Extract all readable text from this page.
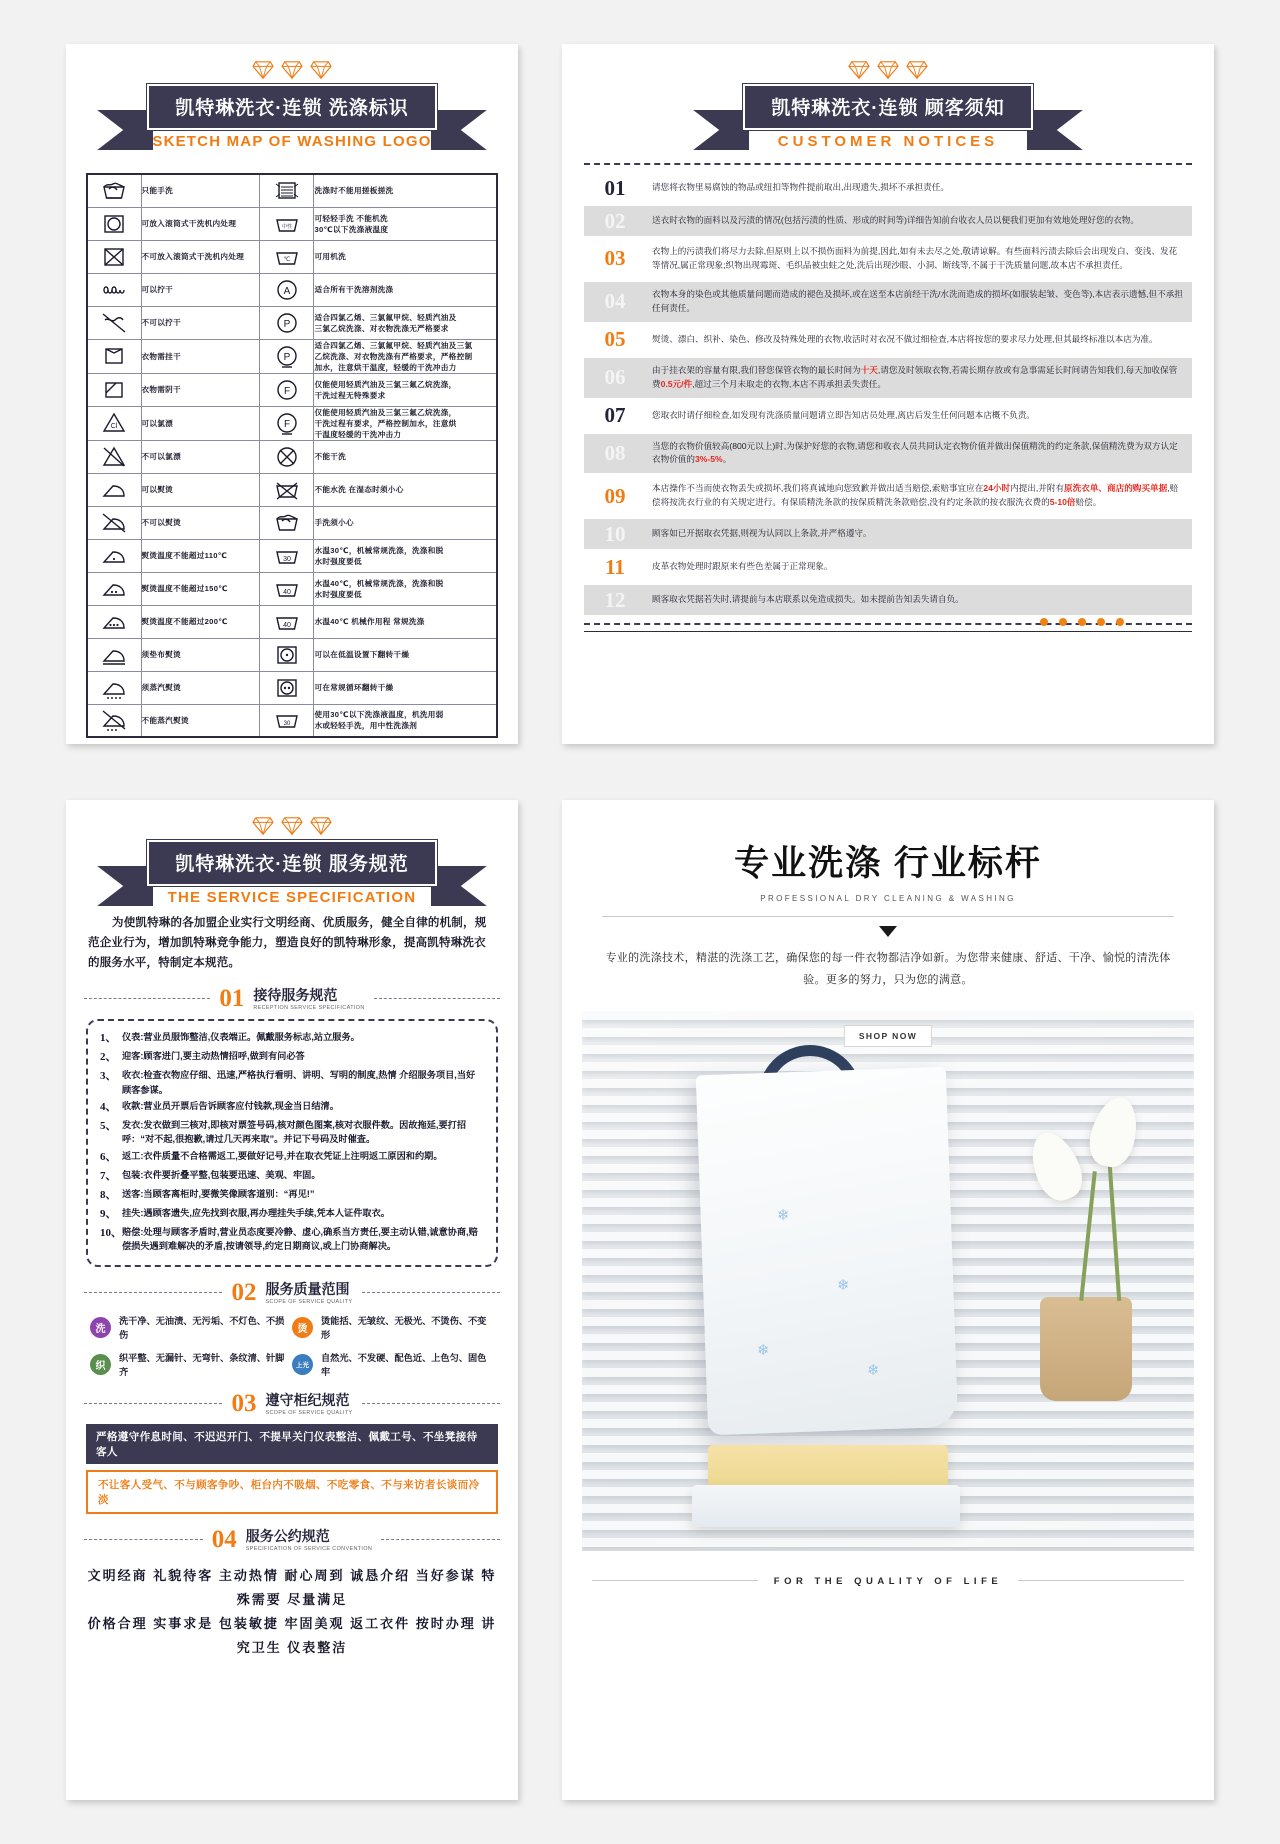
凯特琳洗衣·连锁 洗涤标识
SKETCH MAP OF WASHING LOGO
	只能手洗		洗涤时不能用搓板搓洗

	可放入滚筒式干洗机内处理	中性	可轻轻手洗 不能机洗
30℃以下洗涤液温度

	不可放入滚筒式干洗机内处理	℃	可用机洗

	可以拧干	A	适合所有干洗溶剂洗涤

	不可以拧干	P	适合四氯乙烯、三氯氟甲烷、轻质汽油及
三氯乙烷洗涤、对衣物洗涤无严格要求

	衣物需挂干	P	适合四氯乙烯、三氯氟甲烷、轻质汽油及三氯
乙烷洗涤、对衣物洗涤有严格要求，严格控制
加水，注意烘干温度，轻缓的干洗冲击力

	衣物需阴干	F	仅能使用轻质汽油及三氯三氟乙烷洗涤，
干洗过程无特殊要求

Cl	可以氯漂	F	仅能使用轻质汽油及三氯三氟乙烷洗涤，
干洗过程有要求，严格控制加水，注意烘
干温度轻缓的干洗冲击力

	不可以氯漂		不能干洗

	可以熨烫		不能水洗 在湿态时须小心

	不可以熨烫		手洗须小心

	熨烫温度不能超过110℃	30	水温30℃，机械常规洗涤，洗涤和脱
水时强度要低

	熨烫温度不能超过150℃	40	水温40℃，机械常规洗涤，洗涤和脱
水时强度要低

	熨烫温度不能超过200℃	40	水温40℃ 机械作用程 常规洗涤

	须垫布熨烫		可以在低温设置下翻转干燥

	须蒸汽熨烫		可在常规循环翻转干燥

	不能蒸汽熨烫	30	使用30℃以下洗涤液温度，机洗用弱
水或轻轻手洗，用中性洗涤剂
凯特琳洗衣·连锁 顾客须知
CUSTOMER NOTICES
01	请您将衣物里易腐蚀的物品或纽扣等物件提前取出,出现遗失,损坏不承担责任。
02	送衣时衣物的面料以及污渍的情况(包括污渍的性质、形成的时间等)详细告知前台收衣人员以便我们更加有效地处理好您的衣物。
03	衣物上的污渍我们将尽力去除,但原则上以不损伤面料为前提,因此,如有未去尽之处,敬请谅解。有些面料污渍去除后会出现发白、变浅、发花等情况,属正常现象;织物出现霉斑、毛织品被虫蛀之处,洗后出现沙眼、小洞、断线等,不属于干洗质量问题,故本店不承担责任。
04	衣物本身的染色或其他质量问题而造成的褪色及损坏,或在送至本店前经干洗/水洗而造成的损坏(如服装起皱、变色等),本店表示遗憾,但不承担任何责任。
05	熨烫、漂白、织补、染色、修改及特殊处理的衣物,收活时对衣况不做过细检查,本店将按您的要求尽力处理,但其最终标准以本店为准。
06	由于挂衣架的容量有限,我们替您保管衣物的最长时间为十天,请您及时领取衣物,若需长期存放或有急事需延长时间请告知我们,每天加收保管费0.5元/件,超过三个月未取走的衣物,本店不再承担丢失责任。
07	您取衣时请仔细检查,如发现有洗涤质量问题请立即告知店员处理,离店后发生任何问题本店概不负责。
08	当您的衣物价值较高(800元以上)时,为保护好您的衣物,请您和收衣人员共同认定衣物价值并做出保值精洗的约定条款,保值精洗费为双方认定衣物价值的3%-5%。
09	本店操作不当而使衣物丢失或损坏,我们将真诚地向您致歉并做出适当赔偿,索赔事宜应在24小时内提出,并附有原洗衣单、商店的购买单据,赔偿将按洗衣行业的有关规定进行。有保质精洗条款的按保质精洗条款赔偿,没有约定条款的按衣服洗衣费的5-10倍赔偿。
10	顾客如已开据取衣凭据,则视为认同以上条款,并严格遵守。
11	皮革衣物处理时跟原来有些色差属于正常现象。
12	顾客取衣凭据若失时,请提前与本店联系以免造成损失。如未提前告知丢失请自负。
凯特琳洗衣·连锁 服务规范
THE SERVICE SPECIFICATION
为使凯特琳的各加盟企业实行文明经商、优质服务，健全自律的机制，规范企业行为，增加凯特琳竞争能力，塑造良好的凯特琳形象，提高凯特琳洗衣的服务水平，特制定本规范。
01 接待服务规范
RECEPTION SERVICE SPECIFICATION
1、 仪表:营业员服饰整洁,仪表端正。佩戴服务标志,站立服务。
2、 迎客:顾客进门,要主动热情招呼,做到有问必答
3、 收衣:检查衣物应仔细、迅速,严格执行看明、讲明、写明的制度,热情 介绍服务项目,当好顾客参谋。
4、 收款:营业员开票后告诉顾客应付钱款,现金当日结清。
5、 发衣:发衣做到三核对,即核对票签号码,核对颜色图案,核对衣服件数。因故拖延,要打招呼：“对不起,很抱歉,请过几天再来取”。并记下号码及时催查。
6、 返工:衣件质量不合格需返工,要做好记号,并在取衣凭证上注明返工原因和约期。
7、 包装:衣件要折叠平整,包装要迅速、美观、牢固。
8、 送客:当顾客离柜时,要微笑像顾客道别：“再见!”
9、 挂失:遇顾客遗失,应先找到衣服,再办理挂失手续,凭本人证件取衣。
10、 赔偿:处理与顾客矛盾时,营业员态度要冷静、虚心,确系当方责任,要主动认错,诚意协商,赔偿损失遇到难解决的矛盾,按请领导,约定日期商议,或上门协商解决。
02 服务质量范围
SCOPE OF SERVICE QUALITY
洗
洗干净、无油渍、无污垢、不灯色、不损伤
烫
烫能括、无皱纹、无极光、不烫伤、不变形
织
织平整、无漏针、无弯针、条纹清、针脚齐
上光
自然光、不发硬、配色近、上色匀、固色牢
03 遵守柜纪规范
SCOPE OF SERVICE QUALITY
严格遵守作息时间、不迟迟开门、不提早关门仪表整洁、佩戴工号、不坐凳接待客人
不让客人受气、不与顾客争吵、柜台内不吸烟、不吃零食、不与来访者长谈而冷淡
04 服务公约规范
SPECIFICATION OF SERVICE CONVENTION
文明经商 礼貌待客 主动热情 耐心周到 诚恳介绍 当好参谋 特殊需要 尽量满足
价格合理 实事求是 包装敏捷 牢固美观 返工衣件 按时办理 讲究卫生 仪表整洁
专业洗涤 行业标杆
PROFESSIONAL DRY CLEANING & WASHING
专业的洗涤技术，精湛的洗涤工艺，确保您的每一件衣物都洁净如新。为您带来健康、舒适、干净、愉悦的清洗体验。更多的努力，只为您的满意。
SHOP NOW
❄
❄
❄
❄
FOR THE QUALITY OF LIFE
